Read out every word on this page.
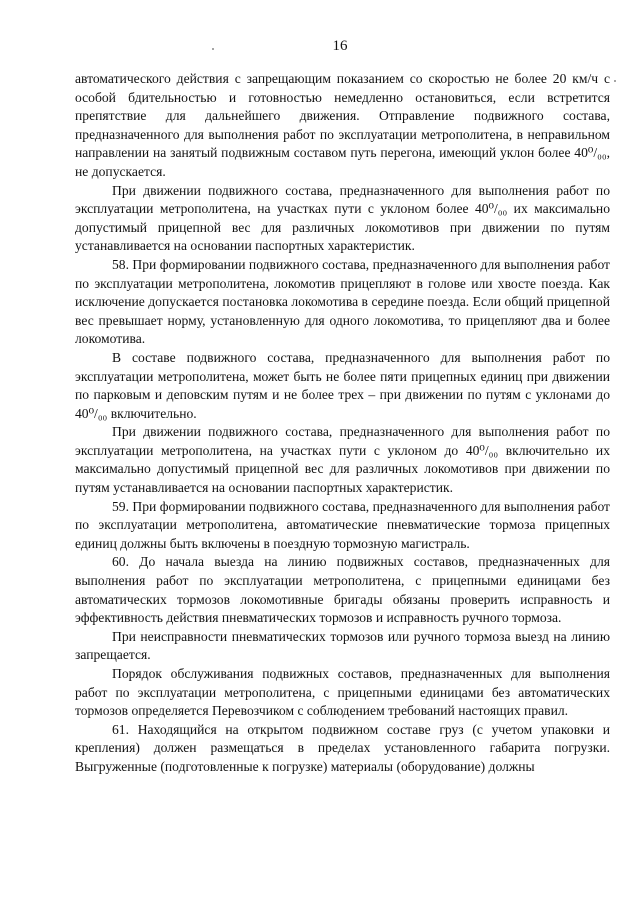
16

автоматического действия с запрещающим показанием со скоростью не более 20 км/ч с особой бдительностью и готовностью немедленно остановиться, если встретится препятствие для дальнейшего движения. Отправление подвижного состава, предназначенного для выполнения работ по эксплуатации метрополитена, в неправильном направлении на занятый подвижным составом путь перегона, имеющий уклон более 40⁰/₀₀, не допускается.

При движении подвижного состава, предназначенного для выполнения работ по эксплуатации метрополитена, на участках пути с уклоном более 40⁰/₀₀ их максимально допустимый прицепной вес для различных локомотивов при движении по путям устанавливается на основании паспортных характеристик.

58. При формировании подвижного состава, предназначенного для выполнения работ по эксплуатации метрополитена, локомотив прицепляют в голове или хвосте поезда. Как исключение допускается постановка локомотива в середине поезда. Если общий прицепной вес превышает норму, установленную для одного локомотива, то прицепляют два и более локомотива.

В составе подвижного состава, предназначенного для выполнения работ по эксплуатации метрополитена, может быть не более пяти прицепных единиц при движении по парковым и деповским путям и не более трех – при движении по путям с уклонами до 40⁰/₀₀ включительно.

При движении подвижного состава, предназначенного для выполнения работ по эксплуатации метрополитена, на участках пути с уклоном до 40⁰/₀₀ включительно их максимально допустимый прицепной вес для различных локомотивов при движении по путям устанавливается на основании паспортных характеристик.

59. При формировании подвижного состава, предназначенного для выполнения работ по эксплуатации метрополитена, автоматические пневматические тормоза прицепных единиц должны быть включены в поездную тормозную магистраль.

60. До начала выезда на линию подвижных составов, предназначенных для выполнения работ по эксплуатации метрополитена, с прицепными единицами без автоматических тормозов локомотивные бригады обязаны проверить исправность и эффективность действия пневматических тормозов и исправность ручного тормоза.

При неисправности пневматических тормозов или ручного тормоза выезд на линию запрещается.

Порядок обслуживания подвижных составов, предназначенных для выполнения работ по эксплуатации метрополитена, с прицепными единицами без автоматических тормозов определяется Перевозчиком с соблюдением требований настоящих правил.

61. Находящийся на открытом подвижном составе груз (с учетом упаковки и крепления) должен размещаться в пределах установленного габарита погрузки. Выгруженные (подготовленные к погрузке) материалы (оборудование) должны
